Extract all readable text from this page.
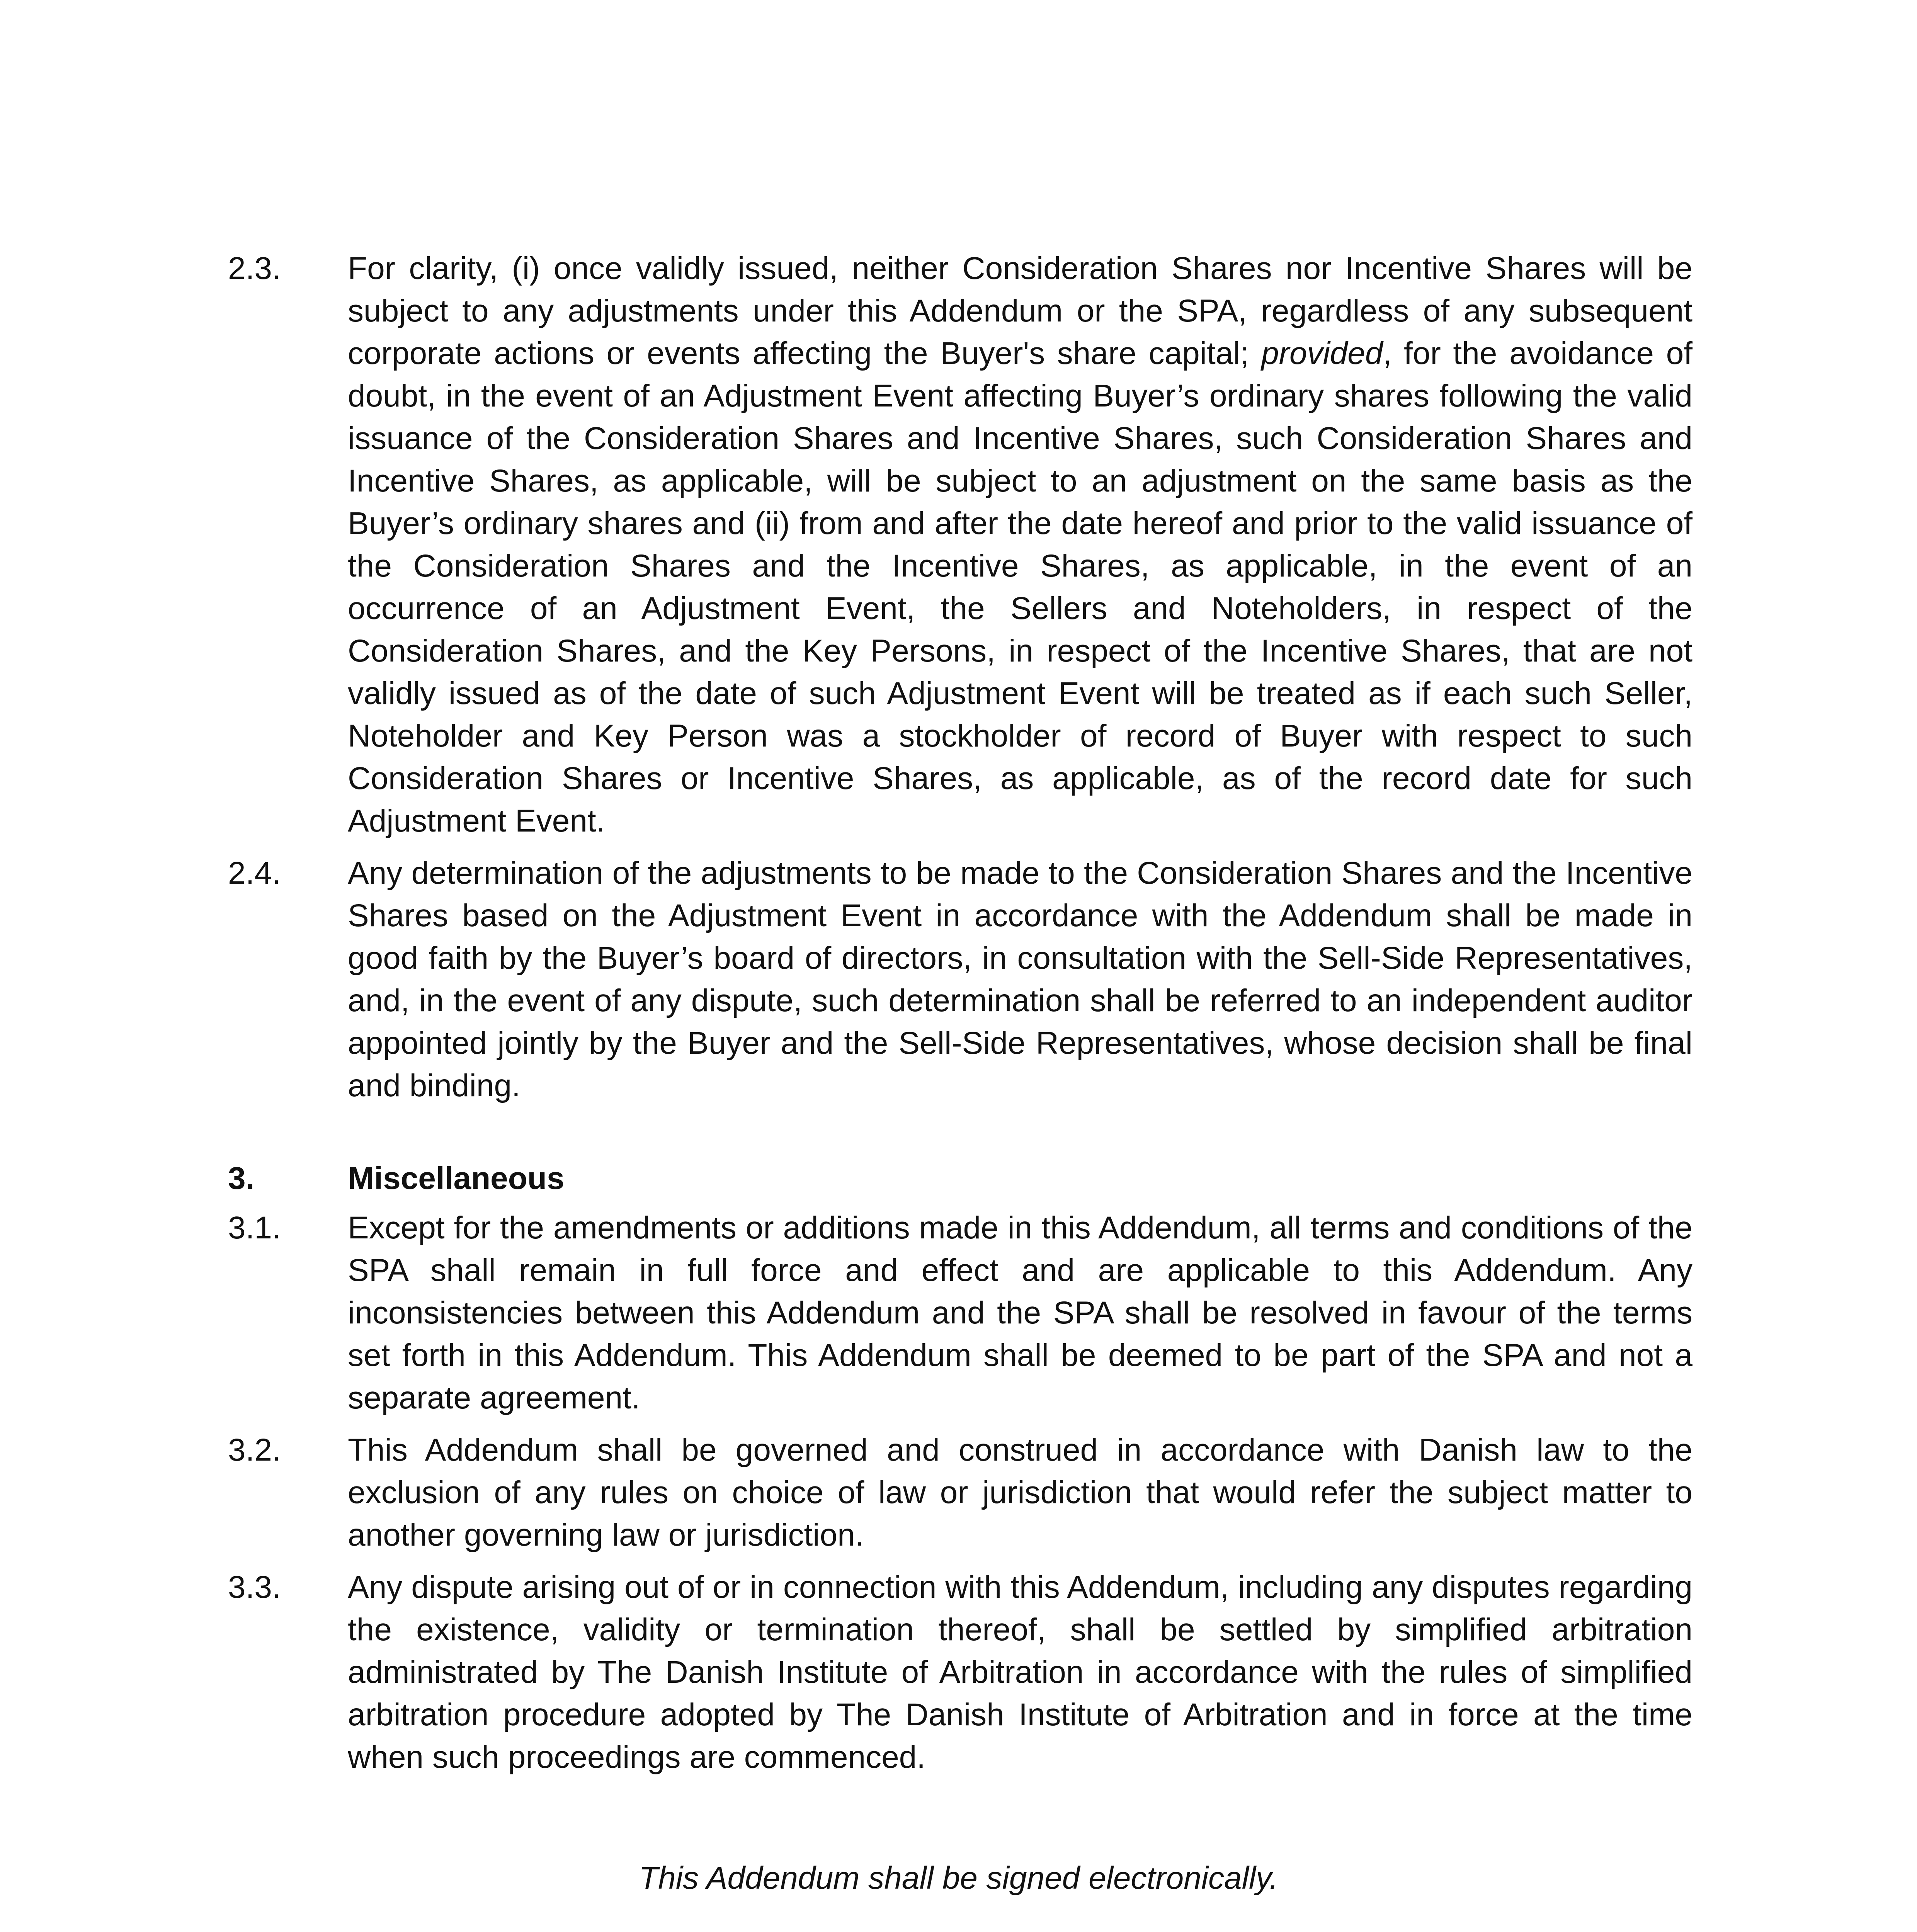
2.3.	For clarity, (i) once validly issued, neither Consideration Shares nor Incentive Shares will be subject to any adjustments under this Addendum or the SPA, regardless of any subsequent corporate actions or events affecting the Buyer's share capital; provided, for the avoidance of doubt, in the event of an Adjustment Event affecting Buyer’s ordinary shares following the valid issuance of the Consideration Shares and Incentive Shares, such Consideration Shares and Incentive Shares, as applicable, will be subject to an adjustment on the same basis as the Buyer’s ordinary shares and (ii) from and after the date hereof and prior to the valid issuance of the Consideration Shares and the Incentive Shares, as applicable, in the event of an occurrence of an Adjustment Event, the Sellers and Noteholders, in respect of the Consideration Shares, and the Key Persons, in respect of the Incentive Shares, that are not validly issued as of the date of such Adjustment Event will be treated as if each such Seller, Noteholder and Key Person was a stockholder of record of Buyer with respect to such Consideration Shares or Incentive Shares, as applicable, as of the record date for such Adjustment Event.
2.4.	Any determination of the adjustments to be made to the Consideration Shares and the Incentive Shares based on the Adjustment Event in accordance with the Addendum shall be made in good faith by the Buyer’s board of directors, in consultation with the Sell-Side Representatives, and, in the event of any dispute, such determination shall be referred to an independent auditor appointed jointly by the Buyer and the Sell-Side Representatives, whose decision shall be final and binding.
3.	Miscellaneous
3.1.	Except for the amendments or additions made in this Addendum, all terms and conditions of the SPA shall remain in full force and effect and are applicable to this Addendum. Any inconsistencies between this Addendum and the SPA shall be resolved in favour of the terms set forth in this Addendum. This Addendum shall be deemed to be part of the SPA and not a separate agreement.
3.2.	This Addendum shall be governed and construed in accordance with Danish law to the exclusion of any rules on choice of law or jurisdiction that would refer the subject matter to another governing law or jurisdiction.
3.3.	Any dispute arising out of or in connection with this Addendum, including any disputes regarding the existence, validity or termination thereof, shall be settled by simplified arbitration administrated by The Danish Institute of Arbitration in accordance with the rules of simplified arbitration procedure adopted by The Danish Institute of Arbitration and in force at the time when such proceedings are commenced.
This Addendum shall be signed electronically.
